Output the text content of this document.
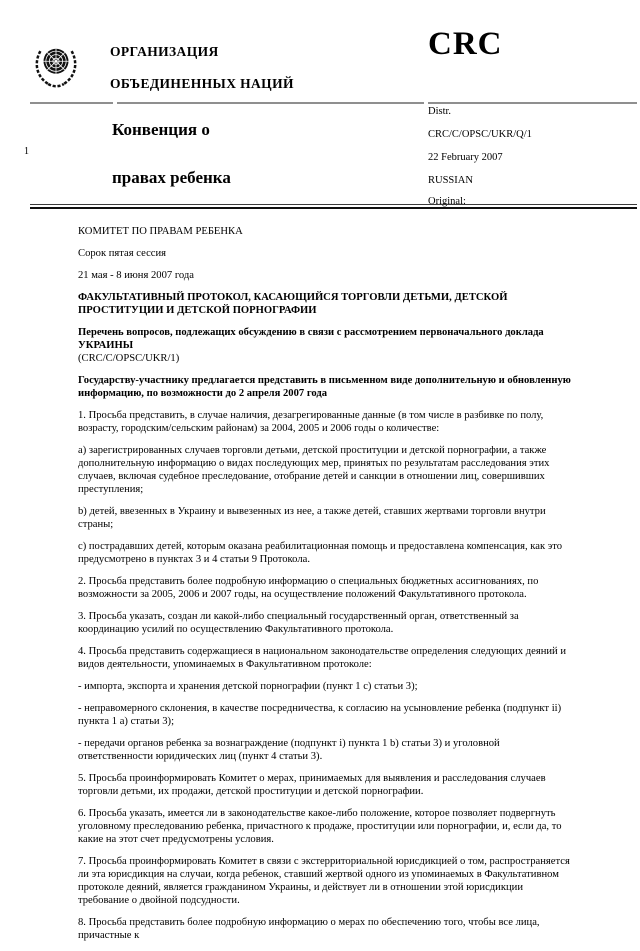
ОРГАНИЗАЦИЯ
ОБЪЕДИНЕННЫХ НАЦИЙ
CRC
1
Конвенция о
правах ребенка
Distr.
CRC/C/OPSC/UKR/Q/1
22 February 2007
RUSSIAN
Original:

КОМИТЕТ ПО ПРАВАМ РЕБЕНКА

Сорок пятая сессия

21 мая - 8 июня 2007 года

ФАКУЛЬТАТИВНЫЙ ПРОТОКОЛ, КАСАЮЩИЙСЯ ТОРГОВЛИ ДЕТЬМИ, ДЕТСКОЙ ПРОСТИТУЦИИ И ДЕТСКОЙ ПОРНОГРАФИИ

Перечень вопросов, подлежащих обсуждению в связи с рассмотрением первоначального доклада УКРАИНЫ
(CRC/C/OPSC/UKR/1)

Государству-участнику предлагается представить в письменном виде дополнительную и обновленную информацию, по возможности до 2 апреля 2007 года

1. Просьба представить, в случае наличия, дезагрегированные данные (в том числе в разбивке по полу, возрасту, городским/сельским районам) за 2004, 2005 и 2006 годы о количестве:

а) зарегистрированных случаев торговли детьми, детской проституции и детской порнографии, а также дополнительную информацию о видах последующих мер, принятых по результатам расследования этих случаев, включая судебное преследование, отобрание детей и санкции в отношении лиц, совершивших преступления;

b) детей, ввезенных в Украину и вывезенных из нее, а также детей, ставших жертвами торговли внутри страны;

с) пострадавших детей, которым оказана реабилитационная помощь и предоставлена компенсация, как это предусмотрено в пунктах 3 и 4 статьи 9 Протокола.

2. Просьба представить более подробную информацию о специальных бюджетных ассигнованиях, по возможности за 2005, 2006 и 2007 годы, на осуществление положений Факультативного протокола.

3. Просьба указать, создан ли какой-либо специальный государственный орган, ответственный за координацию усилий по осуществлению Факультативного протокола.

4. Просьба представить содержащиеся в национальном законодательстве определения следующих деяний и видов деятельности, упоминаемых в Факультативном протоколе:

- импорта, экспорта и хранения детской порнографии (пункт 1 с) статьи 3);

- неправомерного склонения, в качестве посредничества, к согласию на усыновление ребенка (подпункт ii) пункта 1 а) статьи 3);

- передачи органов ребенка за вознаграждение (подпункт i) пункта 1 b) статьи 3) и уголовной ответственности юридических лиц (пункт 4 статьи 3).

5. Просьба проинформировать Комитет о мерах, принимаемых для выявления и расследования случаев торговли детьми, их продажи, детской проституции и детской порнографии.

6. Просьба указать, имеется ли в законодательстве какое-либо положение, которое позволяет подвергнуть уголовному преследованию ребенка, причастного к продаже, проституции или порнографии, и, если да, то какие на этот счет предусмотрены условия.

7. Просьба проинформировать Комитет в связи с экстерриториальной юрисдикцией о том, распространяется ли эта юрисдикция на случаи, когда ребенок, ставший жертвой одного из упоминаемых в Факультативном протоколе деяний, является гражданином Украины, и действует ли в отношении этой юрисдикции требование о двойной подсудности.

8. Просьба представить более подробную информацию о мерах по обеспечению того, чтобы все лица, причастные к
